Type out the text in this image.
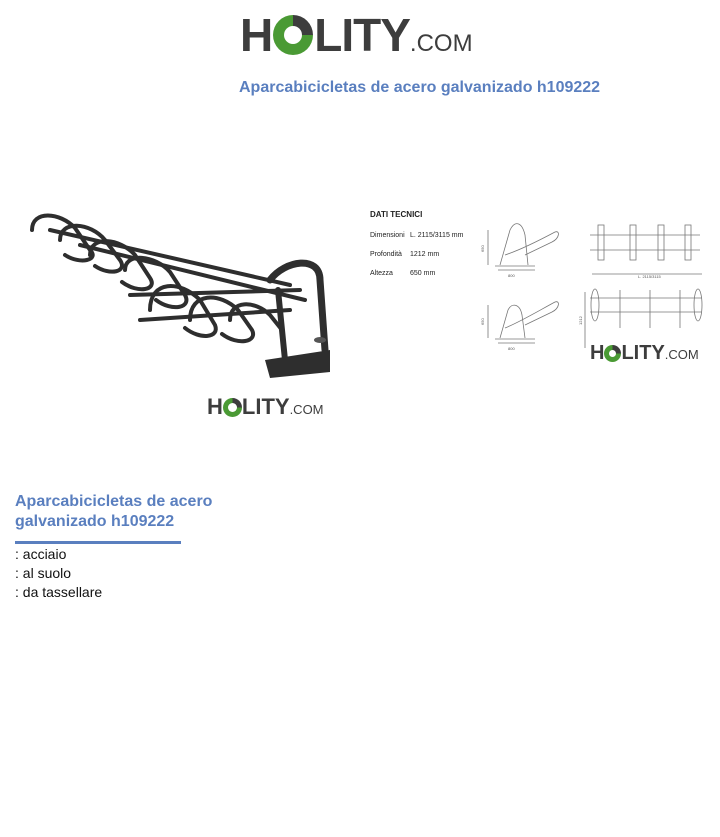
H LITY .COM
Aparcabicicletas de acero galvanizado h109222
H LITY .COM
DATI TECNICI
Dimensioni L. 2115/3115 mm
Profondità	1212 mm
Altezza	650 mm
650
800
650
800
L. 2115/3115
1212
H LITY .COM
Aparcabicicletas de acero galvanizado h109222
: acciaio
: al suolo
: da tassellare
